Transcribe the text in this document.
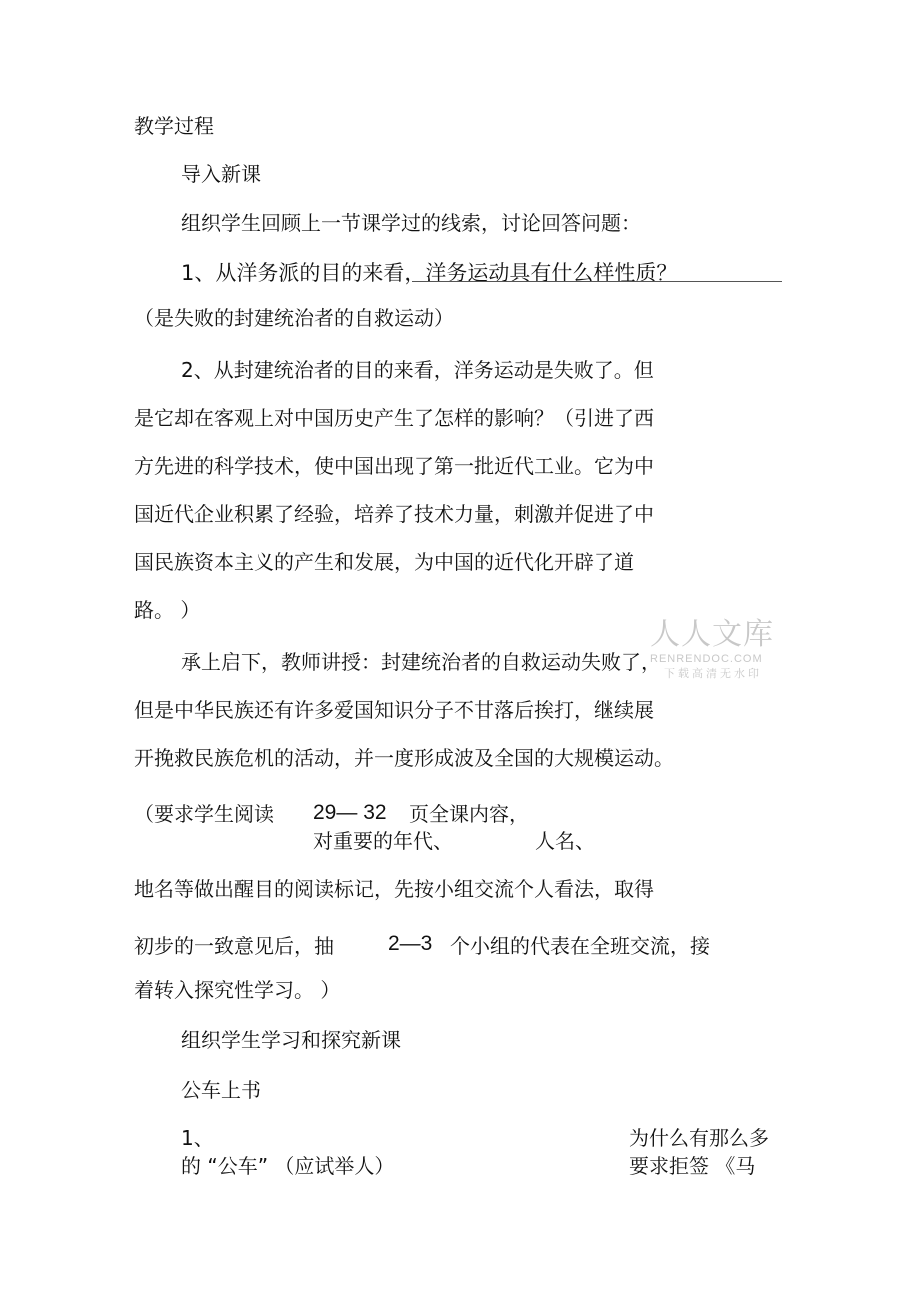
教学过程
导入新课
组织学生回顾上一节课学过的线索，讨论回答问题：
1、从洋务派的目的来看，洋务运动具有什么样性质？
（是失败的封建统治者的自救运动）
2、从封建统治者的目的来看，洋务运动是失败了。但
是它却在客观上对中国历史产生了怎样的影响？（引进了西
方先进的科学技术，使中国出现了第一批近代工业。它为中
国近代企业积累了经验，培养了技术力量，刺激并促进了中
国民族资本主义的产生和发展，为中国的近代化开辟了道
路。 ）
承上启下，教师讲授：封建统治者的自救运动失败了，
但是中华民族还有许多爱国知识分子不甘落后挨打，继续展
开挽救民族危机的活动，并一度形成波及全国的大规模运动。
（要求学生阅读 29— 32 页全课内容，
对重要的年代、	人名、
地名等做出醒目的阅读标记，先按小组交流个人看法，取得
初步的一致意见后，抽	2—3 个小组的代表在全班交流，接
着转入探究性学习。 ）
组织学生学习和探究新课
公车上书
1、	为什么有那么多
的 “公车” （应试举人）	要求拒签 《马
人人文库
RENRENDOC.COM
下载高清无水印
